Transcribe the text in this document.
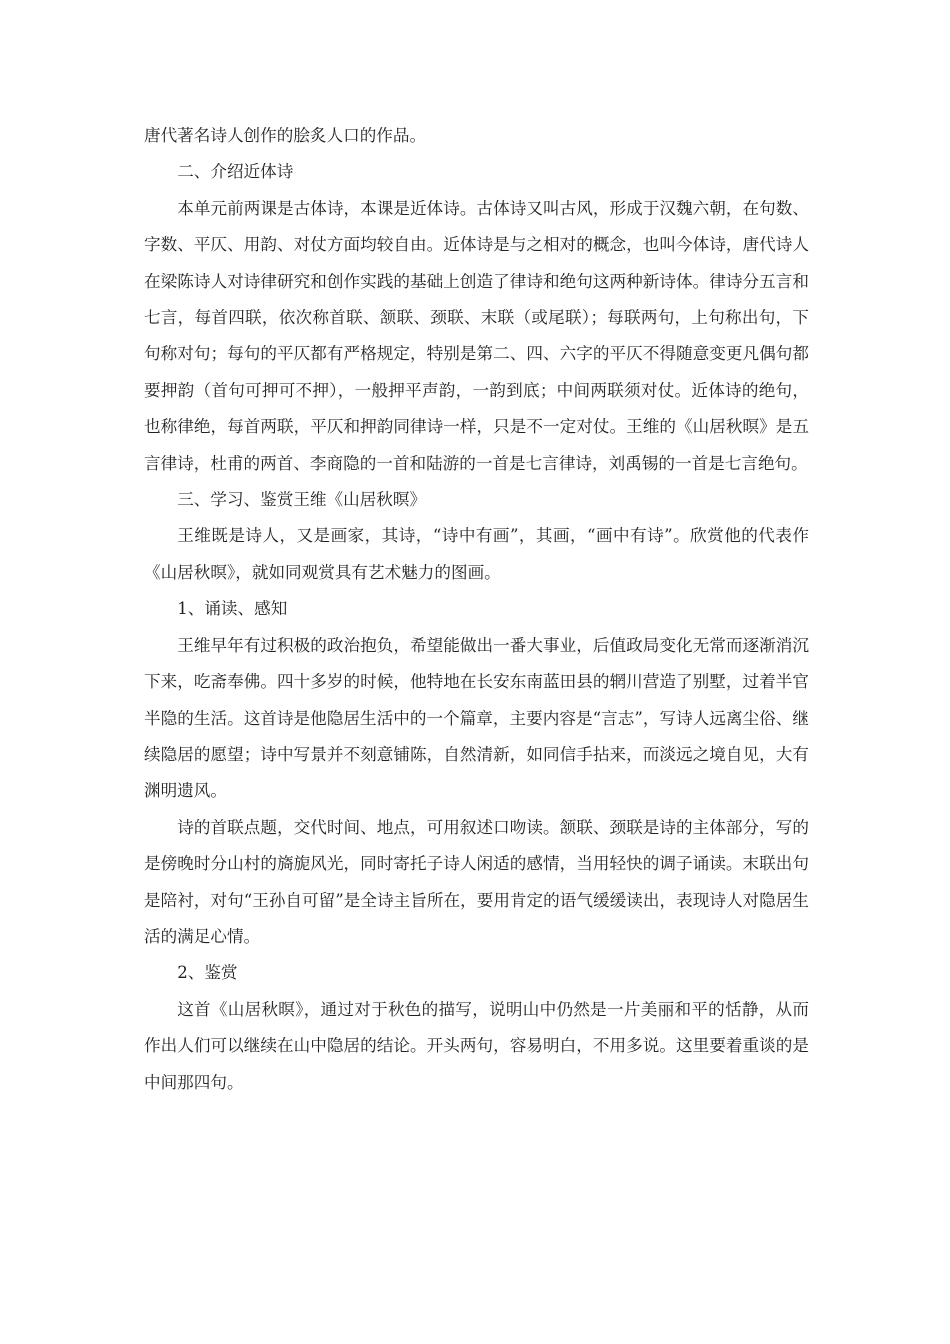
唐代著名诗人创作的脍炙人口的作品。

二、介绍近体诗

本单元前两课是古体诗，本课是近体诗。古体诗又叫古风，形成于汉魏六朝，在句数、字数、平仄、用韵、对仗方面均较自由。近体诗是与之相对的概念，也叫今体诗，唐代诗人在梁陈诗人对诗律研究和创作实践的基础上创造了律诗和绝句这两种新诗体。律诗分五言和七言，每首四联，依次称首联、颔联、颈联、末联（或尾联）；每联两句，上句称出句，下句称对句；每句的平仄都有严格规定，特别是第二、四、六字的平仄不得随意变更凡偶句都要押韵（首句可押可不押），一般押平声韵，一韵到底；中间两联须对仗。近体诗的绝句，也称律绝，每首两联，平仄和押韵同律诗一样，只是不一定对仗。王维的《山居秋暝》是五言律诗，杜甫的两首、李商隐的一首和陆游的一首是七言律诗，刘禹锡的一首是七言绝句。

三、学习、鉴赏王维《山居秋暝》

王维既是诗人，又是画家，其诗，“诗中有画”，其画，“画中有诗”。欣赏他的代表作《山居秋暝》，就如同观赏具有艺术魅力的图画。

1、诵读、感知

王维早年有过积极的政治抱负，希望能做出一番大事业，后值政局变化无常而逐渐消沉下来，吃斋奉佛。四十多岁的时候，他特地在长安东南蓝田县的辋川营造了别墅，过着半官半隐的生活。这首诗是他隐居生活中的一个篇章，主要内容是“言志”，写诗人远离尘俗、继续隐居的愿望；诗中写景并不刻意铺陈，自然清新，如同信手拈来，而淡远之境自见，大有渊明遗风。

诗的首联点题，交代时间、地点，可用叙述口吻读。颔联、颈联是诗的主体部分，写的是傍晚时分山村的旖旎风光，同时寄托子诗人闲适的感情，当用轻快的调子诵读。末联出句是陪衬，对句“王孙自可留”是全诗主旨所在，要用肯定的语气缓缓读出，表现诗人对隐居生活的满足心情。

2、鉴赏

这首《山居秋暝》，通过对于秋色的描写，说明山中仍然是一片美丽和平的恬静，从而作出人们可以继续在山中隐居的结论。开头两句，容易明白，不用多说。这里要着重谈的是中间那四句。
